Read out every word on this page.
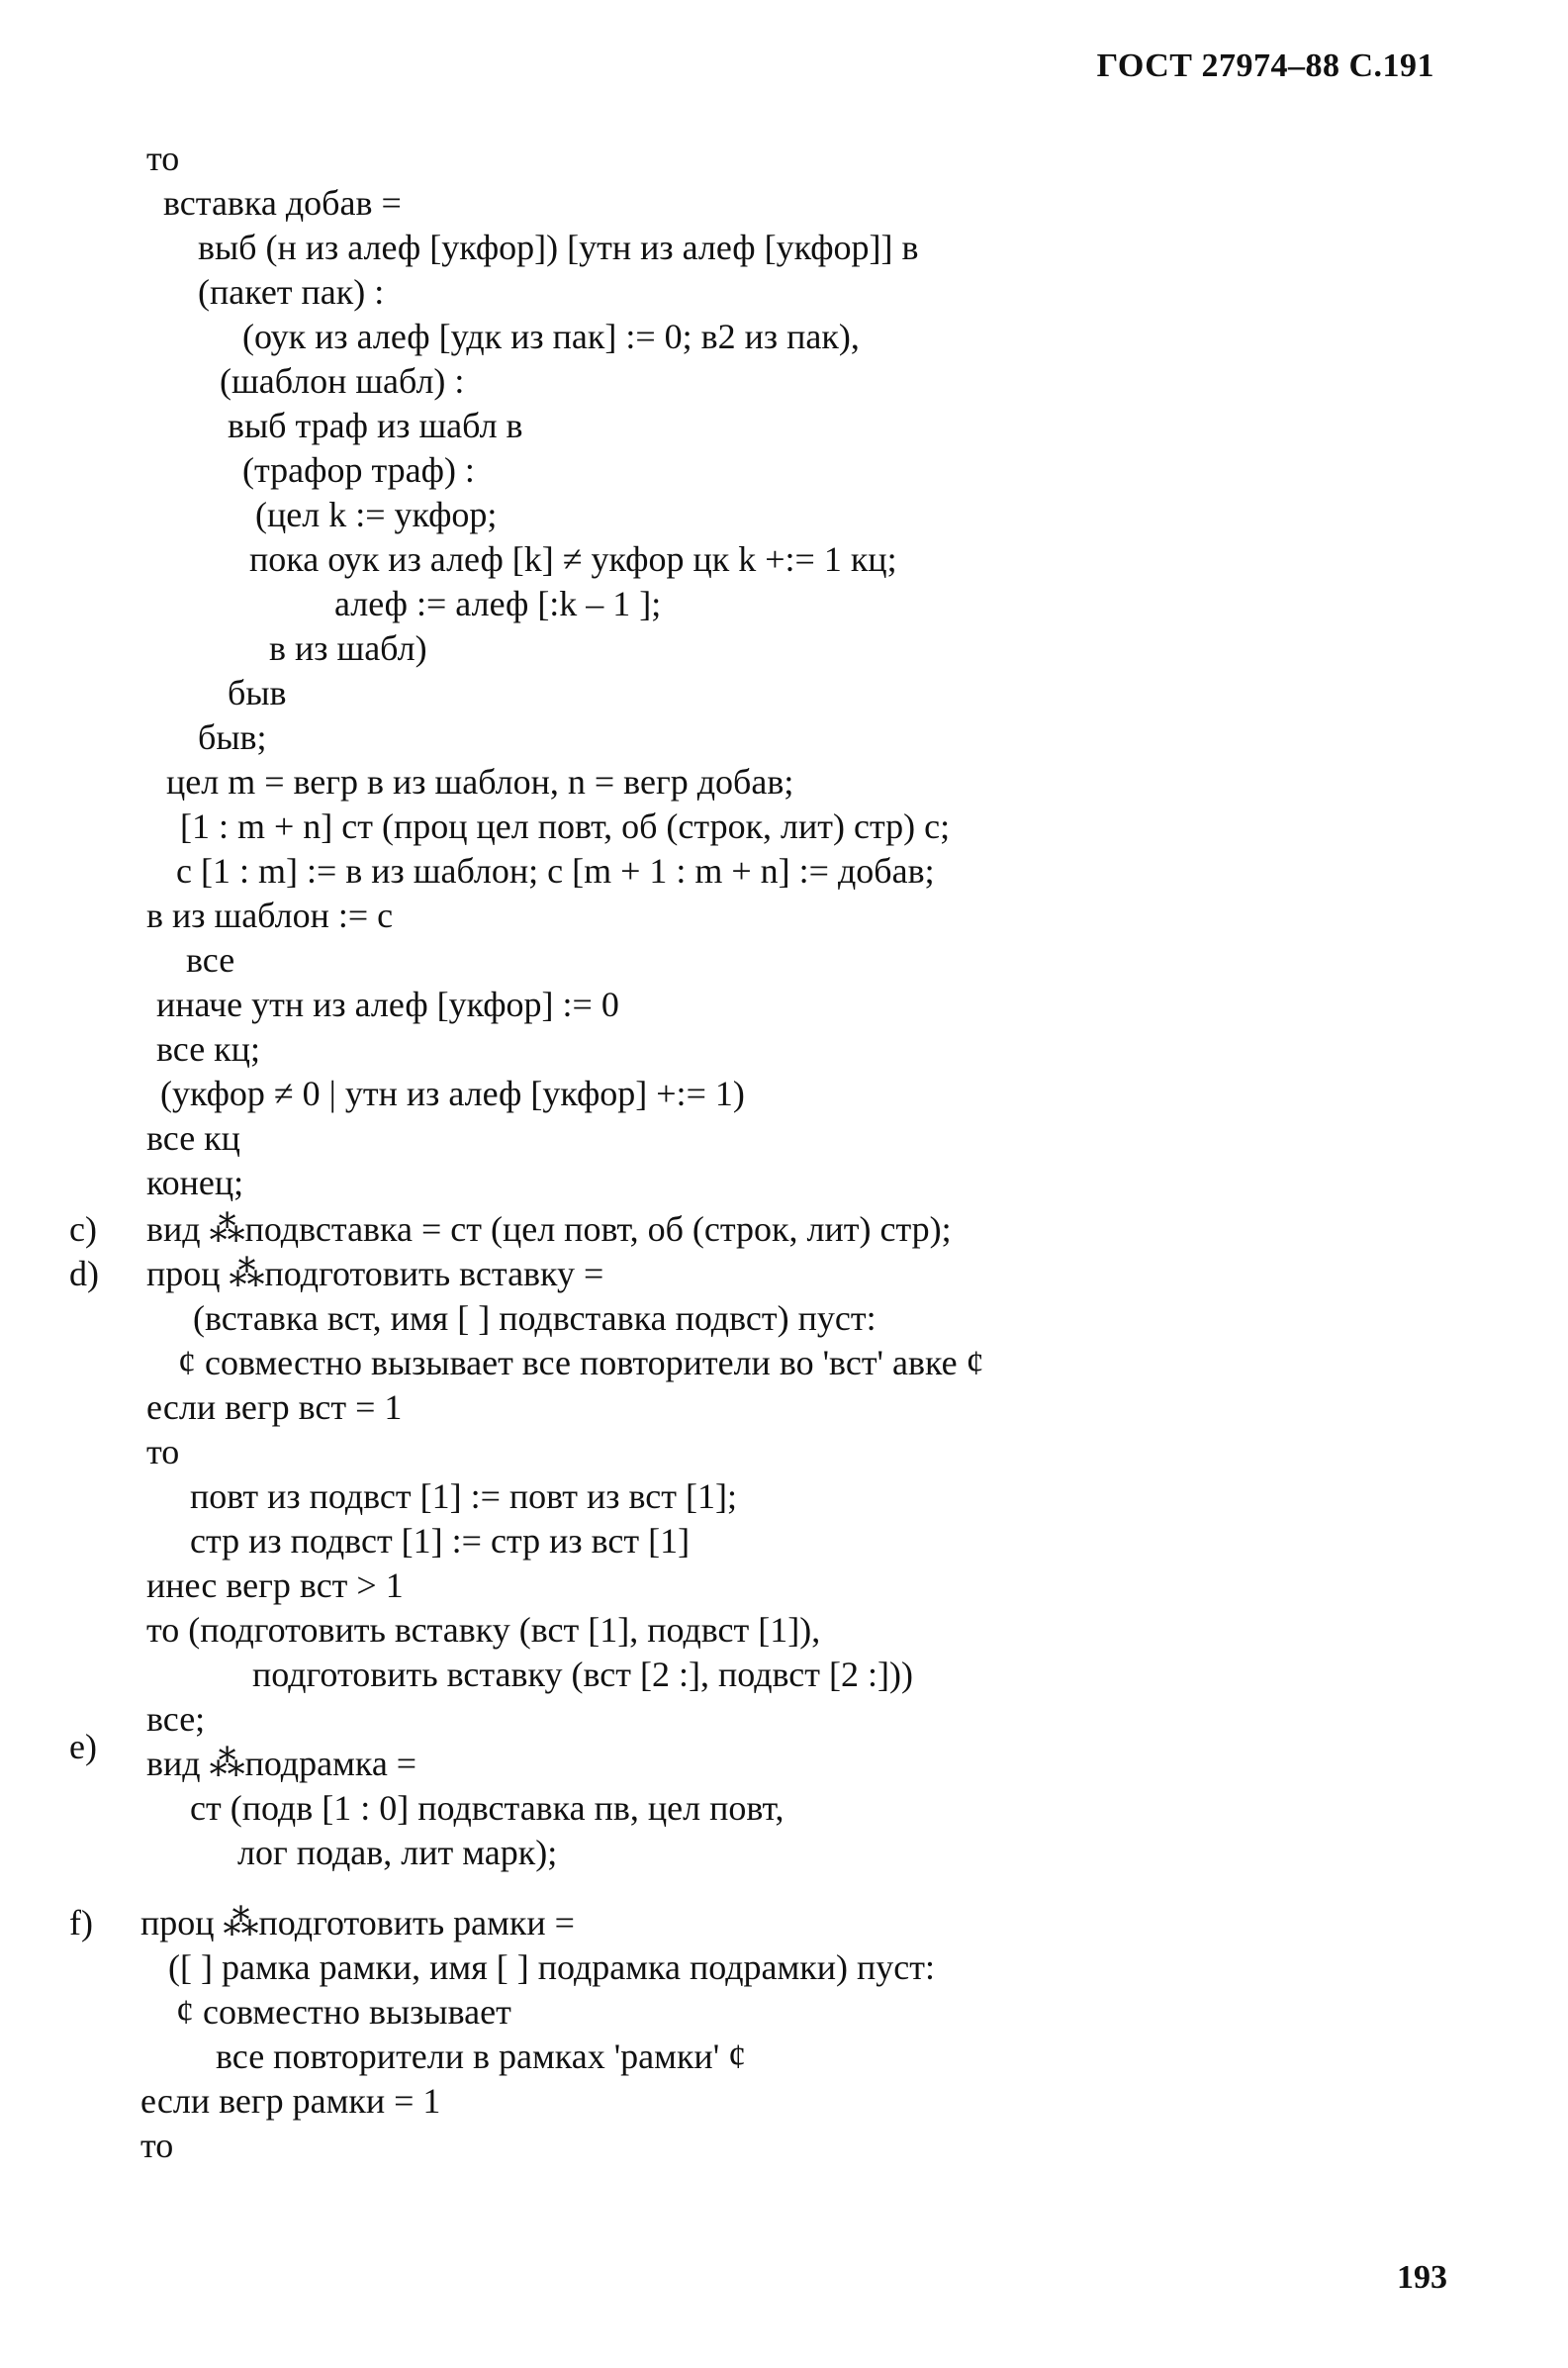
ГОСТ 27974–88 С.191
то
вставка добав =
выб (н из алеф [укфор]) [утн из алеф [укфор]] в
(пакет пак) :
(оук из алеф [удк из пак] := 0; в2 из пак),
(шаблон шабл) :
выб траф из шабл в
(трафор траф) :
(цел k := укфор;
пока оук из алеф [k] ≠ укфор цк k +:= 1 кц;
алеф := алеф [:k – 1 ];
в из шабл)
быв
быв;
цел m = вегр в из шаблон, n = вегр добав;
[1 : m + n] ст (проц цел повт, об (строк, лит) стр) с;
с [1 : m] := в из шаблон; с [m + 1 : m + n] := добав;
в из шаблон := с
все
иначе утн из алеф [укфор] := 0
все кц;
(укфор ≠ 0 | утн из алеф [укфор] +:= 1)
все кц
конец;
вид ⁂подвставка = ст (цел повт, об (строк, лит) стр);
проц ⁂подготовить вставку =
(вставка вст, имя [ ] подвставка подвст) пуст:
¢ совместно вызывает все повторители во 'вст' авке ¢
если вегр вст = 1
то
повт из подвст [1] := повт из вст [1];
стр из подвст [1] := стр из вст [1]
инес вегр вст > 1
то (подготовить вставку (вст [1], подвст [1]),
подготовить вставку (вст [2 :], подвст [2 :]))
все;
вид ⁂подрамка =
ст (подв [1 : 0] подвставка пв, цел повт,
лог подав, лит марк);
проц ⁂подготовить рамки =
([ ] рамка рамки, имя [ ] подрамка подрамки) пуст:
¢ совместно вызывает
все повторители в рамках 'рамки' ¢
если вегр рамки = 1
то
c)
d)
e)
f)
193
